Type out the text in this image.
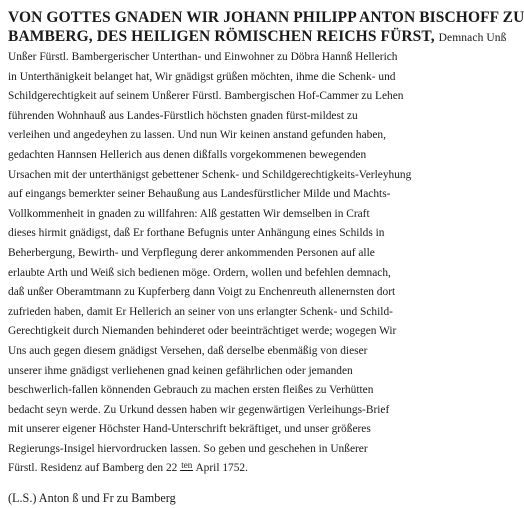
VON GOTTES GNADEN WIR JOHANN PHILIPP ANTON BISCHOFF ZU

BAMBERG, DES HEILIGEN RÖMISCHEN REICHS FÜRST, Demnach Unß

Unßer Fürstl. Bambergerischer Unterthan- und Einwohner zu Döbra Hannß Hellerich

in Unterthänigkeit belanget hat, Wir gnädigst grüßen möchten, ihme die Schenk- und

Schildgerechtigkeit auf seinem Unßerer Fürstl. Bambergischen Hof-Cammer zu Lehen

führenden Wohnhauß aus Landes-Fürstlich höchsten gnaden fürst-mildest zu

verleihen und angedeyhen zu lassen. Und nun Wir keinen anstand gefunden haben,

gedachten Hannsen Hellerich aus denen dißfalls vorgekommenen bewegenden

Ursachen mit der unterthänigst gebettener Schenk- und Schildgerechtigkeits-Verleyhung

auf eingangs bemerkter seiner Behaußung aus Landesfürstlicher Milde und Machts-

Vollkommenheit in gnaden zu willfahren: Alß gestatten Wir demselben in Craft

dieses hirmit gnädigst, daß Er forthane Befugnis unter Anhängung eines Schilds in

Beherbergung, Bewirth- und Verpflegung derer ankommenden Personen auf alle

erlaubte Arth und Weiß sich bedienen möge. Ordern, wollen und befehlen demnach,

daß unßer Oberamtmann zu Kupferberg dann Voigt zu Enchenreuth allenernsten dort

zufrieden haben, damit Er Hellerich an seiner von uns erlangter Schenk- und Schild-

Gerechtigkeit durch Niemanden behinderet oder beeinträchtiget werde; wogegen Wir

Uns auch gegen diesem gnädigst Versehen, daß derselbe ebenmäßig von dieser

unserer ihme gnädigst verliehenen gnad keinen gefährlichen oder jemanden

beschwerlich-fallen könnenden Gebrauch zu machen ersten fleißes zu Verhütten

bedacht seyn werde. Zu Urkund dessen haben wir gegenwärtigen Verleihungs-Brief

mit unserer eigener Höchster Hand-Unterschrift bekräftiget, und unser größeres

Regierungs-Insigel hiervordrucken lassen. So geben und geschehen in Unßerer

Fürstl. Residenz auf Bamberg den 22 ten April 1752.

(L.S.) Anton ß und Fr zu Bamberg
